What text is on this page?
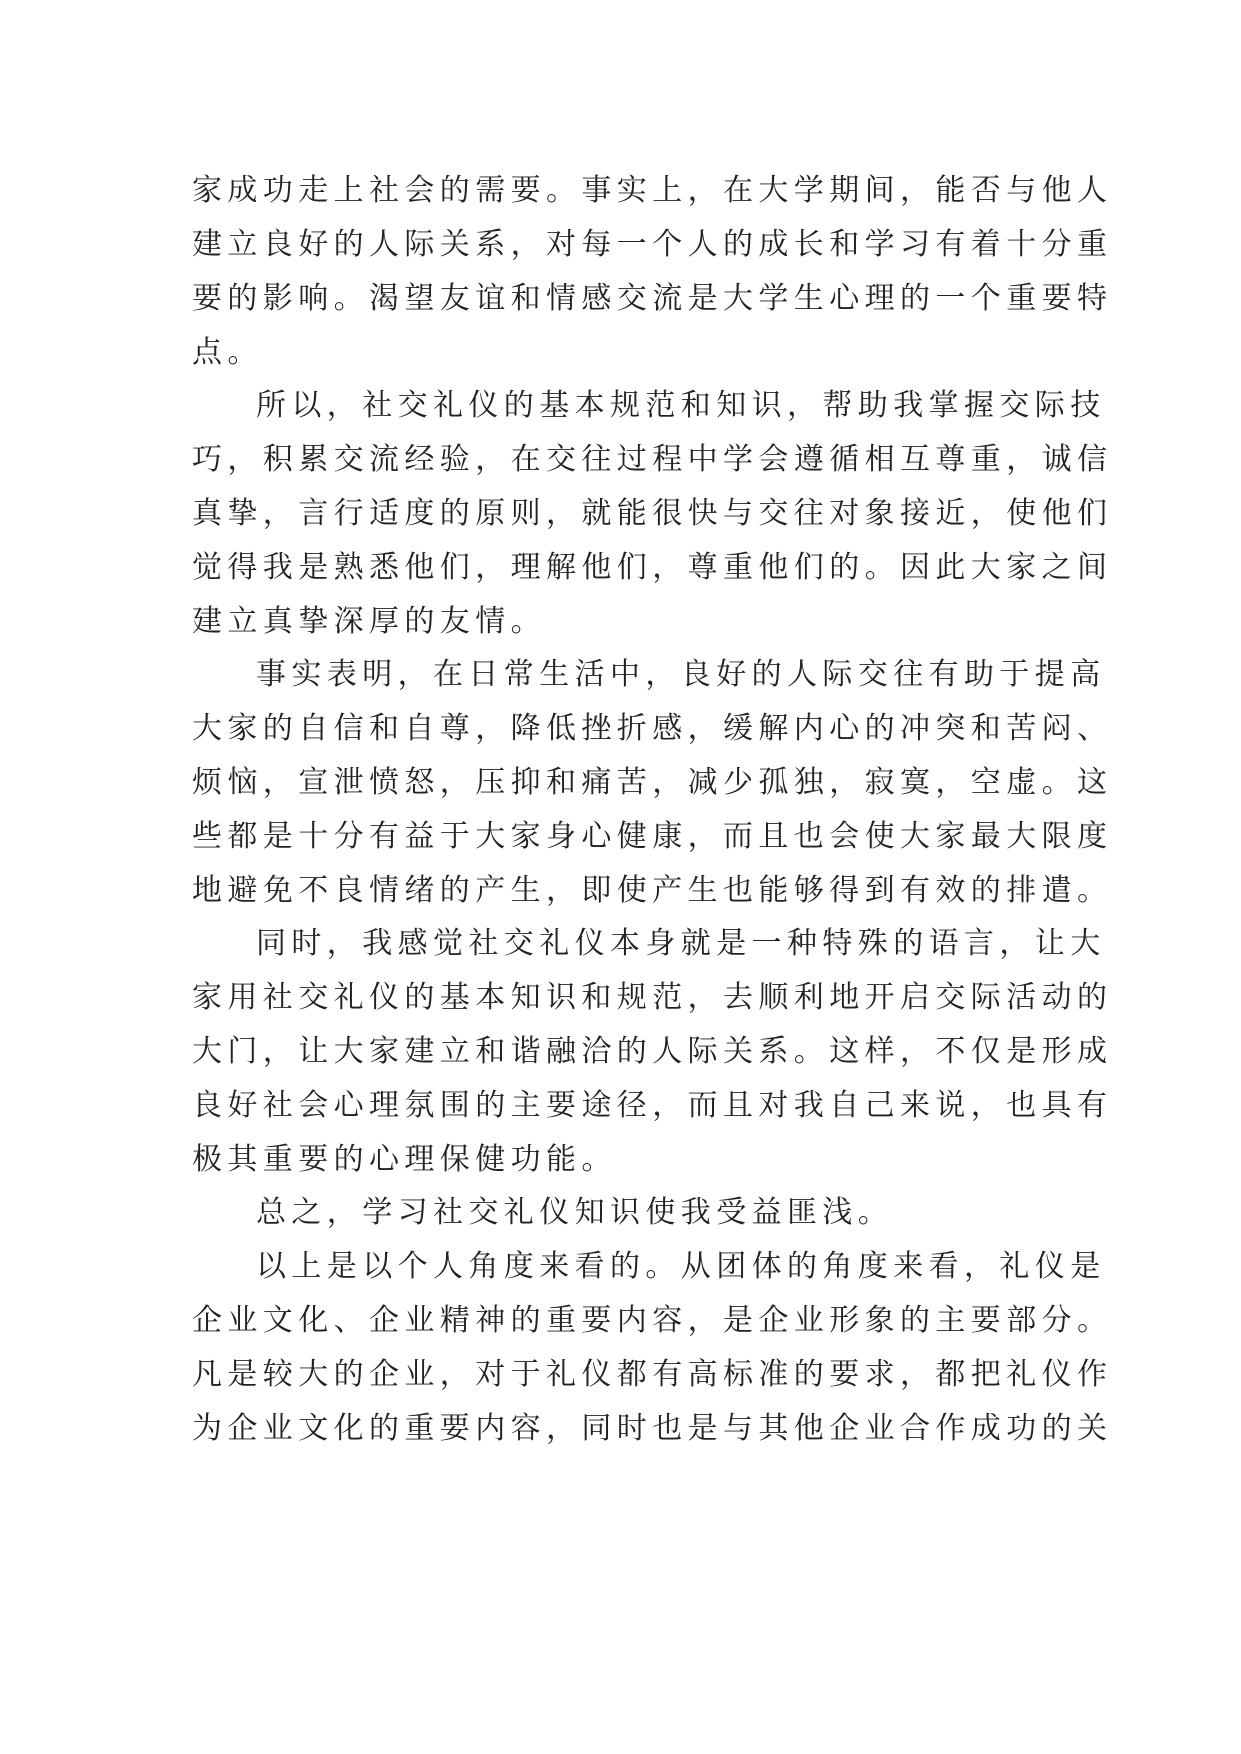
家成功走上社会的需要。事实上，在大学期间，能否与他人
建立良好的人际关系，对每一个人的成长和学习有着十分重
要的影响。渴望友谊和情感交流是大学生心理的一个重要特
点。
所以，社交礼仪的基本规范和知识，帮助我掌握交际技
巧，积累交流经验，在交往过程中学会遵循相互尊重，诚信
真挚，言行适度的原则，就能很快与交往对象接近，使他们
觉得我是熟悉他们，理解他们，尊重他们的。因此大家之间
建立真挚深厚的友情。
事实表明，在日常生活中，良好的人际交往有助于提高
大家的自信和自尊，降低挫折感，缓解内心的冲突和苦闷、
烦恼，宣泄愤怒，压抑和痛苦，减少孤独，寂寞，空虚。这
些都是十分有益于大家身心健康，而且也会使大家最大限度
地避免不良情绪的产生，即使产生也能够得到有效的排遣。
同时，我感觉社交礼仪本身就是一种特殊的语言，让大
家用社交礼仪的基本知识和规范，去顺利地开启交际活动的
大门，让大家建立和谐融洽的人际关系。这样，不仅是形成
良好社会心理氛围的主要途径，而且对我自己来说，也具有
极其重要的心理保健功能。
总之，学习社交礼仪知识使我受益匪浅。
以上是以个人角度来看的。从团体的角度来看，礼仪是
企业文化、企业精神的重要内容，是企业形象的主要部分。
凡是较大的企业，对于礼仪都有高标准的要求，都把礼仪作
为企业文化的重要内容，同时也是与其他企业合作成功的关
